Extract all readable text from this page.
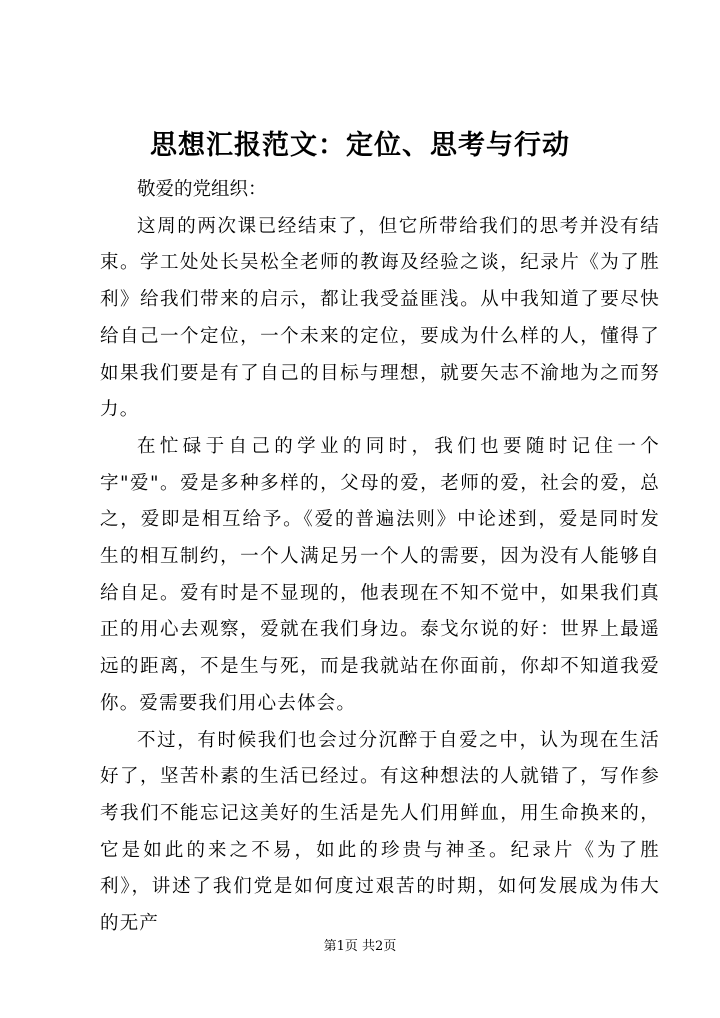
思想汇报范文：定位、思考与行动

敬爱的党组织：

这周的两次课已经结束了，但它所带给我们的思考并没有结束。学工处处长吴松全老师的教诲及经验之谈，纪录片《为了胜利》给我们带来的启示，都让我受益匪浅。从中我知道了要尽快给自己一个定位，一个未来的定位，要成为什么样的人，懂得了如果我们要是有了自己的目标与理想，就要矢志不渝地为之而努力。

在忙碌于自己的学业的同时，我们也要随时记住一个字"爱"。爱是多种多样的，父母的爱，老师的爱，社会的爱，总之，爱即是相互给予。《爱的普遍法则》中论述到，爱是同时发生的相互制约，一个人满足另一个人的需要，因为没有人能够自给自足。爱有时是不显现的，他表现在不知不觉中，如果我们真正的用心去观察，爱就在我们身边。泰戈尔说的好：世界上最遥远的距离，不是生与死，而是我就站在你面前，你却不知道我爱你。爱需要我们用心去体会。

不过，有时候我们也会过分沉醉于自爱之中，认为现在生活好了，坚苦朴素的生活已经过。有这种想法的人就错了，写作参考我们不能忘记这美好的生活是先人们用鲜血，用生命换来的，它是如此的来之不易，如此的珍贵与神圣。纪录片《为了胜利》，讲述了我们党是如何度过艰苦的时期，如何发展成为伟大的无产

第1页 共2页
